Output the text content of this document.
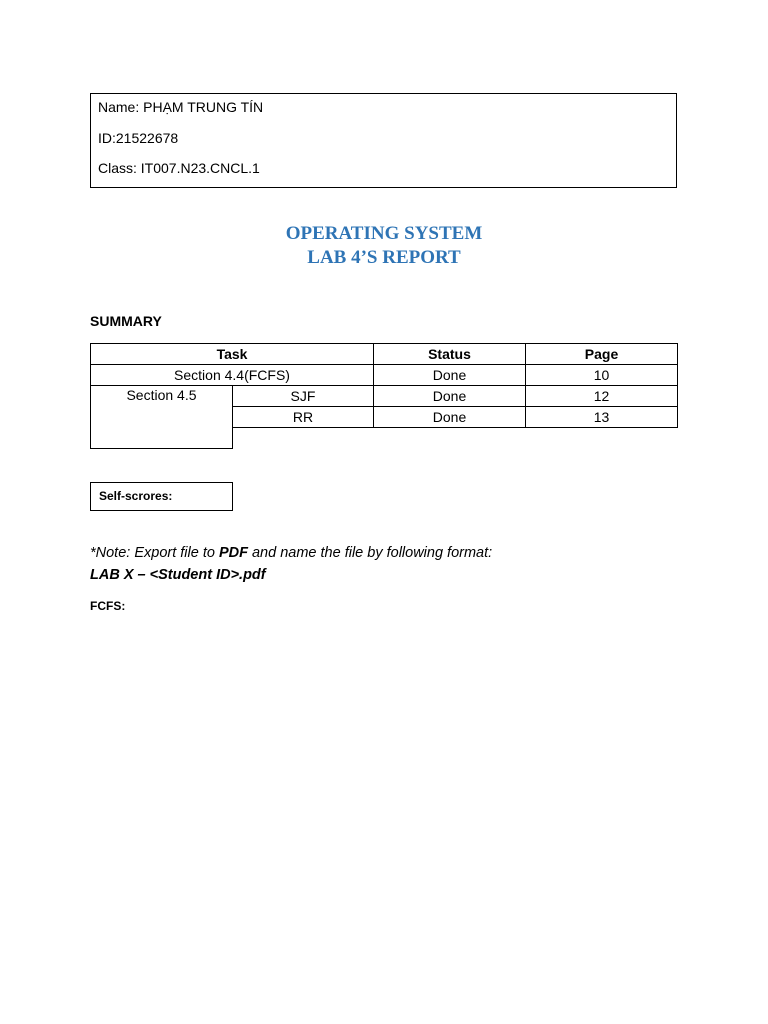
Name: PHẠM TRUNG TÍN
ID:21522678
Class: IT007.N23.CNCL.1
OPERATING SYSTEM
LAB 4’S REPORT
SUMMARY
Task		Status	Page
Section 4.4(FCFS)		Done	10
Section 4.5	SJF	Done	12
	RR	Done	13

Self-scrores:
*Note: Export file to PDF and name the file by following format:
LAB X – <Student ID>.pdf
FCFS:
